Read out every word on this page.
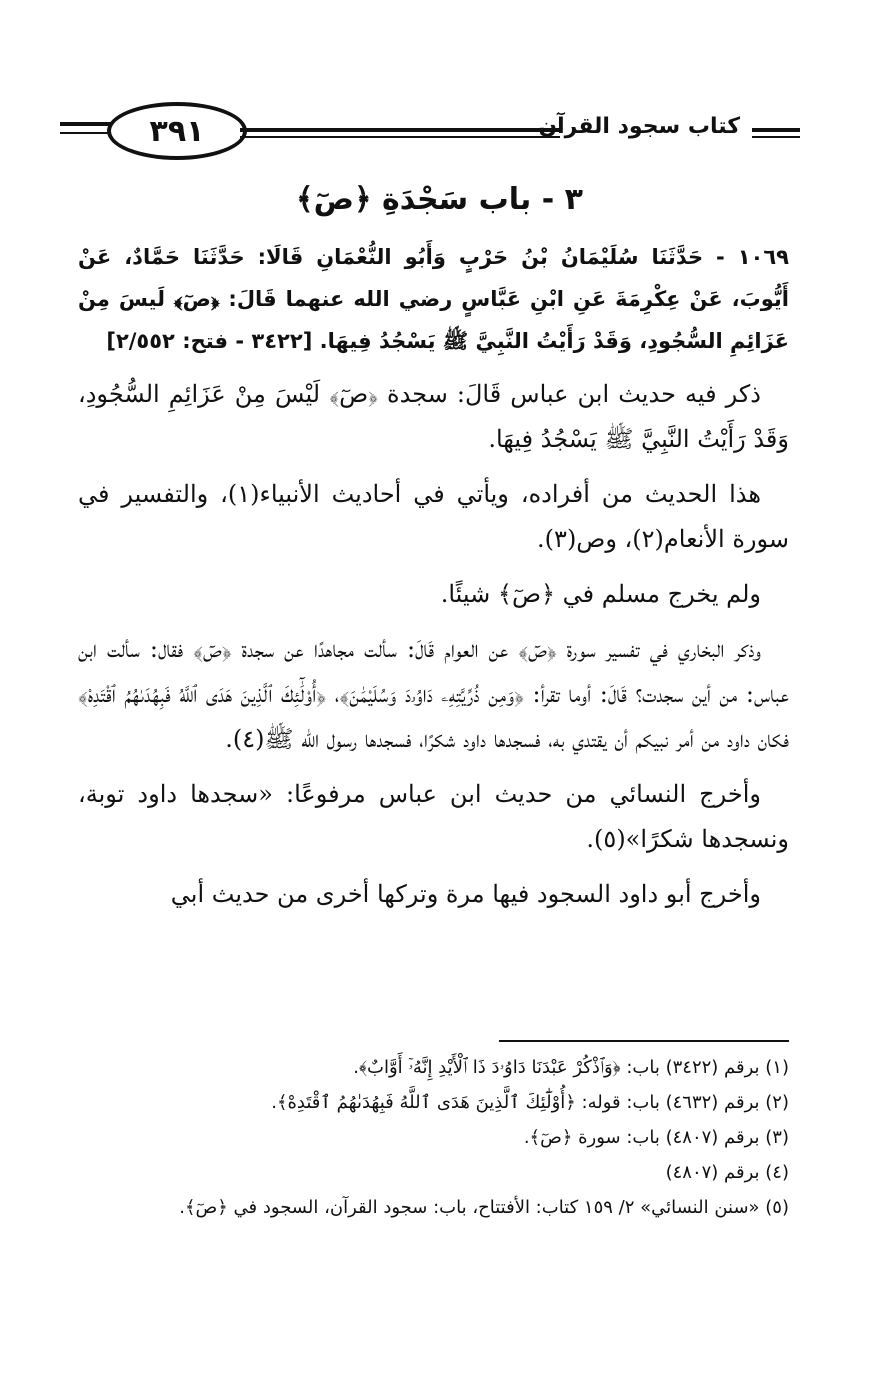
٣٩١	كتاب سجود القرآن
٣ - باب سَجْدَةِ ﴿صٓ﴾

١٠٦٩ - حَدَّثَنَا سُلَيْمَانُ بْنُ حَرْبٍ وَأَبُو النُّعْمَانِ قَالَا: حَدَّثَنَا حَمَّادٌ، عَنْ أَيُّوبَ، عَنْ عِكْرِمَةَ عَنِ ابْنِ عَبَّاسٍ رضي الله عنهما قَالَ: ﴿صٓ﴾ لَيسَ مِنْ عَزَائِمِ السُّجُودِ، وَقَدْ رَأَيْتُ النَّبِيَّ ﷺ يَسْجُدُ فِيهَا. [٣٤٢٢ - فتح: ٢/٥٥٢]

ذكر فيه حديث ابن عباس قَالَ: سجدة ﴿صٓ﴾ لَيْسَ مِنْ عَزَائِمِ السُّجُودِ، وَقَدْ رَأَيْتُ النَّبِيَّ ﷺ يَسْجُدُ فِيهَا.

هذا الحديث من أفراده، ويأتي في أحاديث الأنبياء(١)، والتفسير في سورة الأنعام(٢)، وص(٣).

ولم يخرج مسلم في ﴿صٓ﴾ شيئًا.

وذكر البخاري في تفسير سورة ﴿صٓ﴾ عن العوام قَالَ: سألت مجاهدًا عن سجدة ﴿صٓ﴾ فقال: سألت ابن عباس: من أين سجدت؟ قَالَ: أوما تقرأ: ﴿وَمِن ذُرِّيَّتِهِۦ دَاوُۥدَ وَسُلَيْمَٰنَ﴾، ﴿أُوْلَٰٓئِكَ ٱلَّذِينَ هَدَى ٱللَّهُ فَبِهُدَىٰهُمُ ٱقْتَدِهْ﴾ فكان داود من أمر نبيكم أن يقتدي به، فسجدها داود شكرًا، فسجدها رسول الله ﷺ(٤).

وأخرج النسائي من حديث ابن عباس مرفوعًا: «سجدها داود توبة، ونسجدها شكرًا»(٥).

وأخرج أبو داود السجود فيها مرة وتركها أخرى من حديث أبي

(١) برقم (٣٤٢٢) باب: ﴿وَٱذْكُرْ عَبْدَنَا دَاوُۥدَ ذَا ٱلْأَيْدِ إِنَّهُۥٓ أَوَّابٌ﴾.

(٢) برقم (٤٦٣٢) باب: قوله: ﴿أُوْلَٰٓئِكَ ٱلَّذِينَ هَدَى ٱللَّهُ فَبِهُدَىٰهُمُ ٱقْتَدِهْ﴾.

(٣) برقم (٤٨٠٧) باب: سورة ﴿صٓ﴾.

(٤) برقم (٤٨٠٧)

(٥) «سنن النسائي» ٢/ ١٥٩ كتاب: الأفتتاح، باب: سجود القرآن، السجود في ﴿صٓ﴾.
